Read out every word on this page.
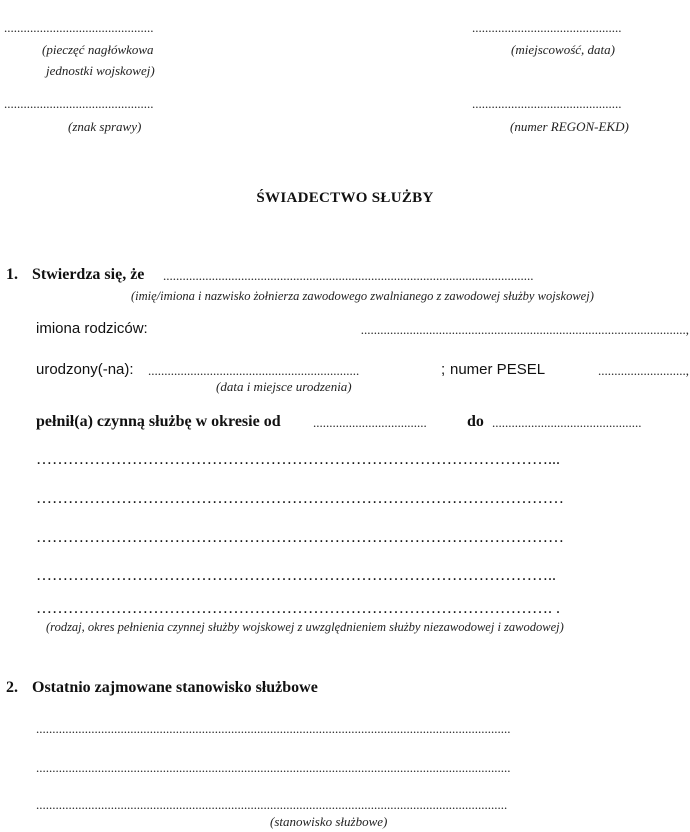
..............................................
(pieczęć nagłówkowa
jednostki wojskowej)
..............................................
(miejscowość, data)
..............................................
(znak sprawy)
..............................................
(numer REGON-EKD)
ŚWIADECTWO SŁUŻBY
1. Stwierdza się, że ..................................................................................................................
(imię/imiona i nazwisko żołnierza zawodowego zwalnianego z zawodowej służby wojskowej)
imiona rodziców:	....................................................................................................,
urodzony(-na): .................................................................	; numer PESEL	...........................,
(data i miejsce urodzenia)
pełnił(a) czynną służbę w okresie od ...................................	do ..............................................
……………………………………………………………………………………...
………………………………………………………………………………………
………………………………………………………………………………………
……………………………………………………………………………………..
……………………………………………………………………………………. .
(rodzaj, okres pełnienia czynnej służby wojskowej z uwzględnieniem służby niezawodowej i zawodowej)
2. Ostatnio zajmowane stanowisko służbowe
..................................................................................................................................................
..................................................................................................................................................
.................................................................................................................................................
(stanowisko służbowe)
